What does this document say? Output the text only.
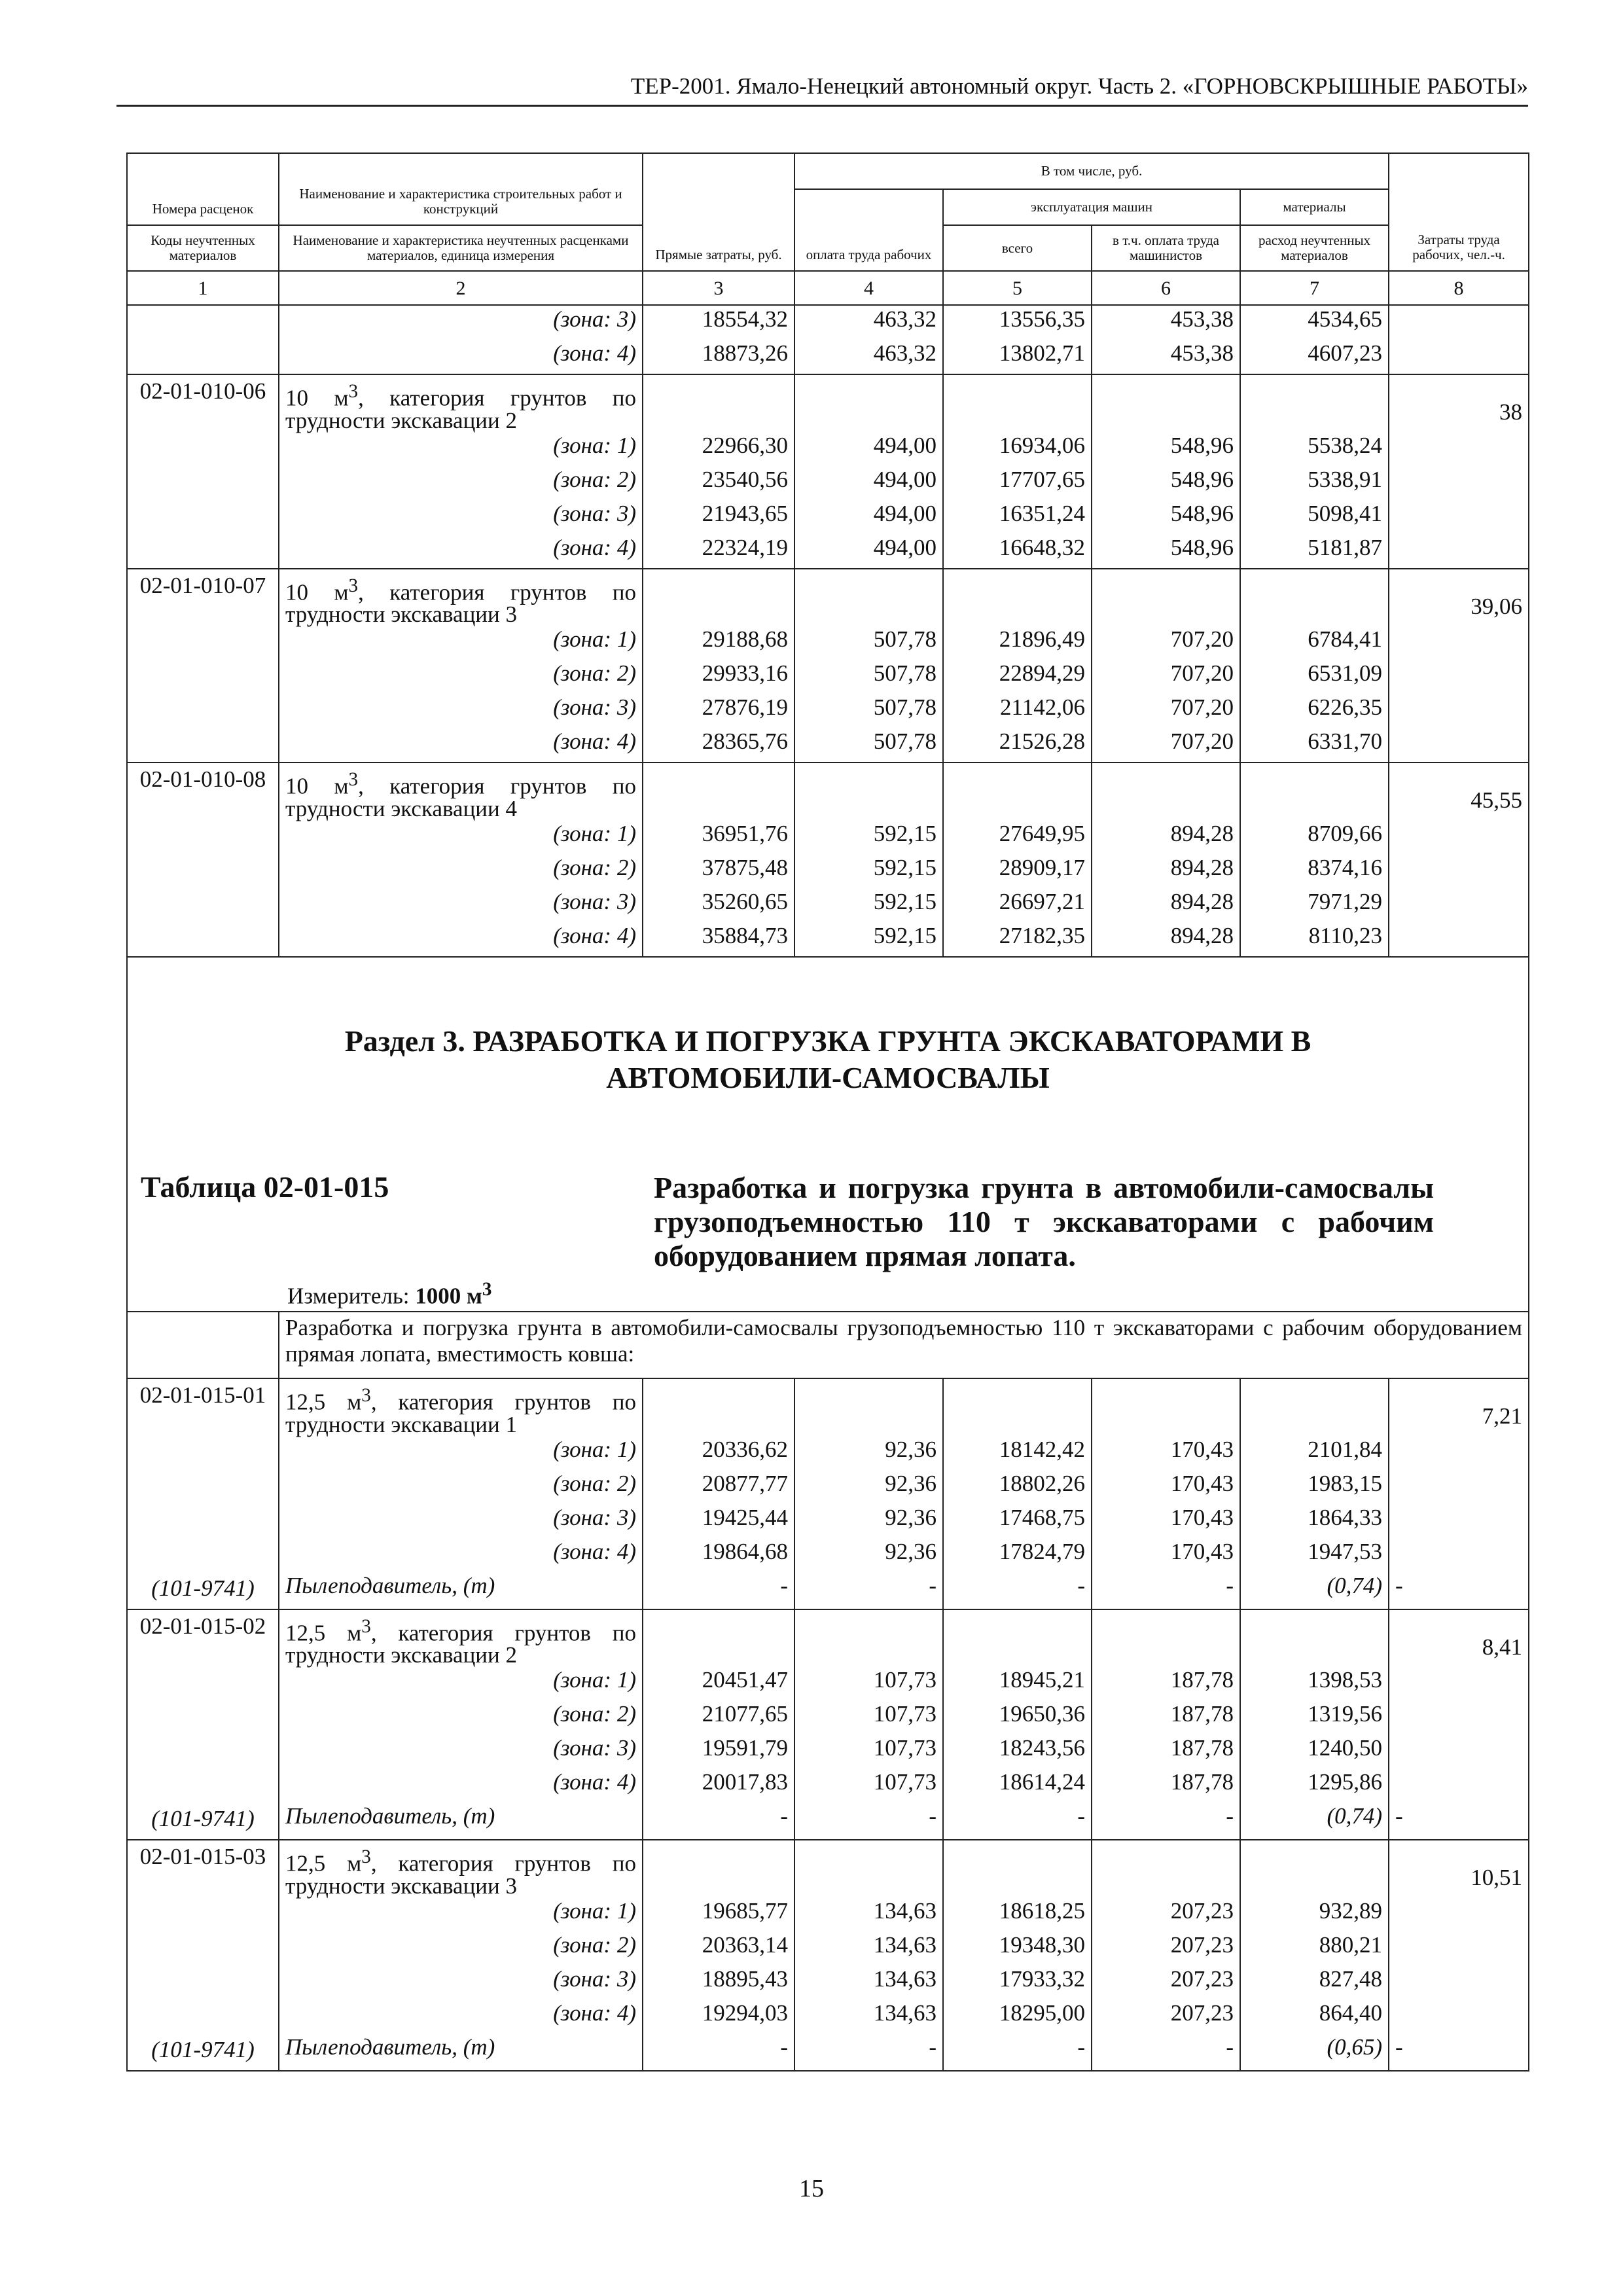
ТЕР-2001. Ямало-Ненецкий автономный округ. Часть 2. «ГОРНОВСКРЫШНЫЕ РАБОТЫ»
Номера расценок	Наименование и характеристика строительных работ и конструкций	Прямые затраты, руб.	В том числе, руб.				Затраты труда рабочих, чел.-ч.
			оплата труда рабочих	эксплуатация машин		материалы	
Коды неучтенных материалов	Наименование и характеристика неучтенных расценками материалов, единица измерения			всего	в т.ч. оплата труда машинистов	расход неучтенных материалов	
1	2	3	4	5	6	7	8
	(зона: 3)	18554,32	463,32	13556,35	453,38	4534,65	
	(зона: 4)	18873,26	463,32	13802,71	453,38	4607,23	
02-01-010-06	10 $м^3$, категория грунтов по трудности экскавации 2						38
	(зона: 1)	22966,30	494,00	16934,06	548,96	5538,24	
	(зона: 2)	23540,56	494,00	17707,65	548,96	5338,91	
	(зона: 3)	21943,65	494,00	16351,24	548,96	5098,41	
	(зона: 4)	22324,19	494,00	16648,32	548,96	5181,87	
02-01-010-07	10 $м^3$, категория грунтов по трудности экскавации 3						39,06
	(зона: 1)	29188,68	507,78	21896,49	707,20	6784,41	
	(зона: 2)	29933,16	507,78	22894,29	707,20	6531,09	
	(зона: 3)	27876,19	507,78	21142,06	707,20	6226,35	
	(зона: 4)	28365,76	507,78	21526,28	707,20	6331,70	
02-01-010-08	10 $м^3$, категория грунтов по трудности экскавации 4						45,55
	(зона: 1)	36951,76	592,15	27649,95	894,28	8709,66	
	(зона: 2)	37875,48	592,15	28909,17	894,28	8374,16	
	(зона: 3)	35260,65	592,15	26697,21	894,28	7971,29	
	(зона: 4)	35884,73	592,15	27182,35	894,28	8110,23	

Раздел 3. РАЗРАБОТКА И ПОГРУЗКА ГРУНТА ЭКСКАВАТОРАМИ В
АВТОМОБИЛИ-САМОСВАЛЫ
Таблица 02-01-015 Разработка и погрузка грунта в автомобили-самосвалы грузоподъемностью 110 т экскаваторами с рабочим оборудованием прямая лопата.
Измеритель: 1000 $м^3$

	Разработка и погрузка грунта в автомобили-самосвалы грузоподъемностью 110 т экскаваторами с рабочим оборудованием прямая лопата, вместимость ковша:						
02-01-015-01	12,5 $м^3$, категория грунтов по трудности экскавации 1						7,21
	(зона: 1)	20336,62	92,36	18142,42	170,43	2101,84	
	(зона: 2)	20877,77	92,36	18802,26	170,43	1983,15	
	(зона: 3)	19425,44	92,36	17468,75	170,43	1864,33	
	(зона: 4)	19864,68	92,36	17824,79	170,43	1947,53	
(101-9741)	Пылеподавитель, (т)	-	-	-	-	(0,74)	-
02-01-015-02	12,5 $м^3$, категория грунтов по трудности экскавации 2						8,41
	(зона: 1)	20451,47	107,73	18945,21	187,78	1398,53	
	(зона: 2)	21077,65	107,73	19650,36	187,78	1319,56	
	(зона: 3)	19591,79	107,73	18243,56	187,78	1240,50	
	(зона: 4)	20017,83	107,73	18614,24	187,78	1295,86	
(101-9741)	Пылеподавитель, (т)	-	-	-	-	(0,74)	-
02-01-015-03	12,5 $м^3$, категория грунтов по трудности экскавации 3						10,51
	(зона: 1)	19685,77	134,63	18618,25	207,23	932,89	
	(зона: 2)	20363,14	134,63	19348,30	207,23	880,21	
	(зона: 3)	18895,43	134,63	17933,32	207,23	827,48	
	(зона: 4)	19294,03	134,63	18295,00	207,23	864,40	
(101-9741)	Пылеподавитель, (т)	-	-	-	-	(0,65)	-
15
